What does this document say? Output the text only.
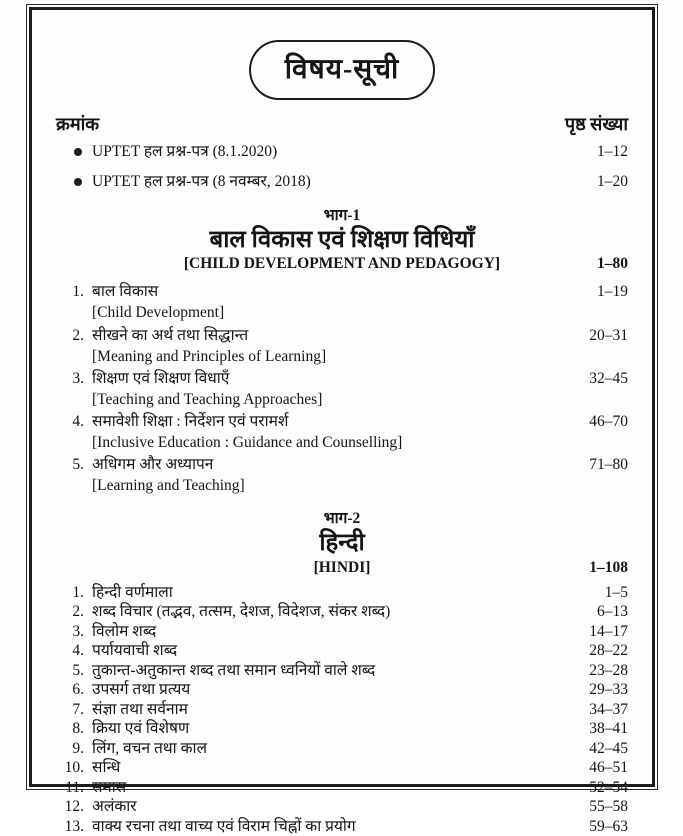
विषय-सूची
क्रमांक	पृष्ठ संख्या
UPTET हल प्रश्न-पत्र (8.1.2020)	1–12
UPTET हल प्रश्न-पत्र (8 नवम्बर, 2018)	1–20
भाग-1
बाल विकास एवं शिक्षण विधियाँ
[CHILD DEVELOPMENT AND PEDAGOGY]	1–80
1. बाल विकास	1–19
[Child Development]
2. सीखने का अर्थ तथा सिद्धान्त	20–31
[Meaning and Principles of Learning]
3. शिक्षण एवं शिक्षण विधाएँ	32–45
[Teaching and Teaching Approaches]
4. समावेशी शिक्षा : निर्देशन एवं परामर्श	46–70
[Inclusive Education : Guidance and Counselling]
5. अधिगम और अध्यापन	71–80
[Learning and Teaching]
भाग-2
हिन्दी
[HINDI]	1–108
1. हिन्दी वर्णमाला	1–5
2. शब्द विचार (तद्भव, तत्सम, देशज, विदेशज, संकर शब्द)	6–13
3. विलोम शब्द	14–17
4. पर्यायवाची शब्द	28–22
5. तुकान्त-अतुकान्त शब्द तथा समान ध्वनियों वाले शब्द	23–28
6. उपसर्ग तथा प्रत्यय	29–33
7. संज्ञा तथा सर्वनाम	34–37
8. क्रिया एवं विशेषण	38–41
9. लिंग, वचन तथा काल	42–45
10. सन्धि	46–51
11. समास	52–54
12. अलंकार	55–58
13. वाक्य रचना तथा वाच्य एवं विराम चिह्नों का प्रयोग	59–63
